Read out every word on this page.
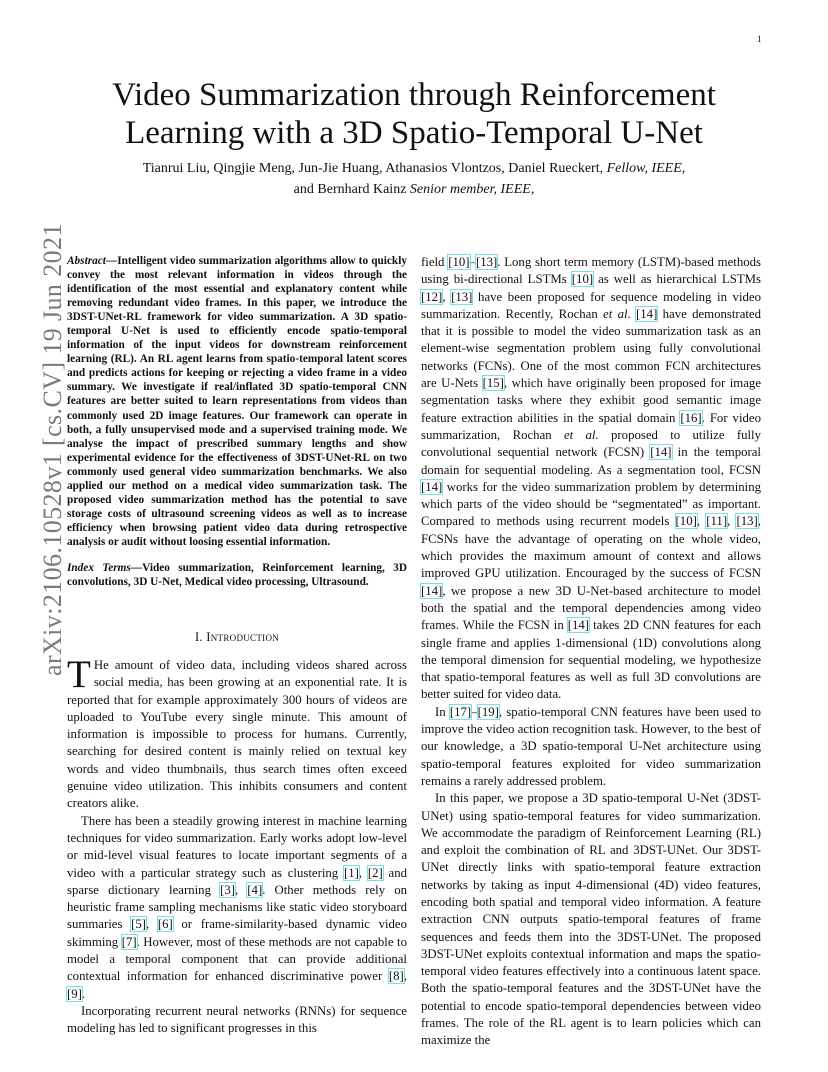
1
arXiv:2106.10528v1 [cs.CV] 19 Jun 2021
Video Summarization through Reinforcement
Learning with a 3D Spatio-Temporal U-Net
Tianrui Liu, Qingjie Meng, Jun-Jie Huang, Athanasios Vlontzos, Daniel Rueckert, Fellow, IEEE,
and Bernhard Kainz Senior member, IEEE,
Abstract—Intelligent video summarization algorithms allow to quickly convey the most relevant information in videos through the identification of the most essential and explanatory content while removing redundant video frames. In this paper, we introduce the 3DST-UNet-RL framework for video summarization. A 3D spatio-temporal U-Net is used to efficiently encode spatio-temporal information of the input videos for downstream reinforcement learning (RL). An RL agent learns from spatio-temporal latent scores and predicts actions for keeping or rejecting a video frame in a video summary. We investigate if real/inflated 3D spatio-temporal CNN features are better suited to learn representations from videos than commonly used 2D image features. Our framework can operate in both, a fully unsupervised mode and a supervised training mode. We analyse the impact of prescribed summary lengths and show experimental evidence for the effectiveness of 3DST-UNet-RL on two commonly used general video summarization benchmarks. We also applied our method on a medical video summarization task. The proposed video summarization method has the potential to save storage costs of ultrasound screening videos as well as to increase efficiency when browsing patient video data during retrospective analysis or audit without loosing essential information.
Index Terms—Video summarization, Reinforcement learning, 3D convolutions, 3D U-Net, Medical video processing, Ultrasound.
I. Introduction

T He amount of video data, including videos shared across social media, has been growing at an exponential rate. It is reported that for example approximately 300 hours of videos are uploaded to YouTube every single minute. This amount of information is impossible to process for humans. Currently, searching for desired content is mainly relied on textual key words and video thumbnails, thus search times often exceed genuine video utilization. This inhibits consumers and content creators alike.

There has been a steadily growing interest in machine learning techniques for video summarization. Early works adopt low-level or mid-level visual features to locate important segments of a video with a particular strategy such as clustering [1], [2] and sparse dictionary learning [3], [4]. Other methods rely on heuristic frame sampling mechanisms like static video storyboard summaries [5], [6] or frame-similarity-based dynamic video skimming [7]. However, most of these methods are not capable to model a temporal component that can provide additional contextual information for enhanced discriminative power [8], [9].

Incorporating recurrent neural networks (RNNs) for sequence modeling has led to significant progresses in this

field [10]–[13]. Long short term memory (LSTM)-based methods using bi-directional LSTMs [10] as well as hierarchical LSTMs [12], [13] have been proposed for sequence modeling in video summarization. Recently, Rochan et al. [14] have demonstrated that it is possible to model the video summarization task as an element-wise segmentation problem using fully convolutional networks (FCNs). One of the most common FCN architectures are U-Nets [15], which have originally been proposed for image segmentation tasks where they exhibit good semantic image feature extraction abilities in the spatial domain [16]. For video summarization, Rochan et al. proposed to utilize fully convolutional sequential network (FCSN) [14] in the temporal domain for sequential modeling. As a segmentation tool, FCSN [14] works for the video summarization problem by determining which parts of the video should be “segmentated” as important. Compared to methods using recurrent models [10], [11], [13], FCSNs have the advantage of operating on the whole video, which provides the maximum amount of context and allows improved GPU utilization. Encouraged by the success of FCSN [14], we propose a new 3D U-Net-based architecture to model both the spatial and the temporal dependencies among video frames. While the FCSN in [14] takes 2D CNN features for each single frame and applies 1-dimensional (1D) convolutions along the temporal dimension for sequential modeling, we hypothesize that spatio-temporal features as well as full 3D convolutions are better suited for video data.

In [17]–[19], spatio-temporal CNN features have been used to improve the video action recognition task. However, to the best of our knowledge, a 3D spatio-temporal U-Net architecture using spatio-temporal features exploited for video summarization remains a rarely addressed problem.

In this paper, we propose a 3D spatio-temporal U-Net (3DST-UNet) using spatio-temporal features for video summarization. We accommodate the paradigm of Reinforcement Learning (RL) and exploit the combination of RL and 3DST-UNet. Our 3DST-UNet directly links with spatio-temporal feature extraction networks by taking as input 4-dimensional (4D) video features, encoding both spatial and temporal video information. A feature extraction CNN outputs spatio-temporal features of frame sequences and feeds them into the 3DST-UNet. The proposed 3DST-UNet exploits contextual information and maps the spatio-temporal video features effectively into a continuous latent space. Both the spatio-temporal features and the 3DST-UNet have the potential to encode spatio-temporal dependencies between video frames. The role of the RL agent is to learn policies which can maximize the
